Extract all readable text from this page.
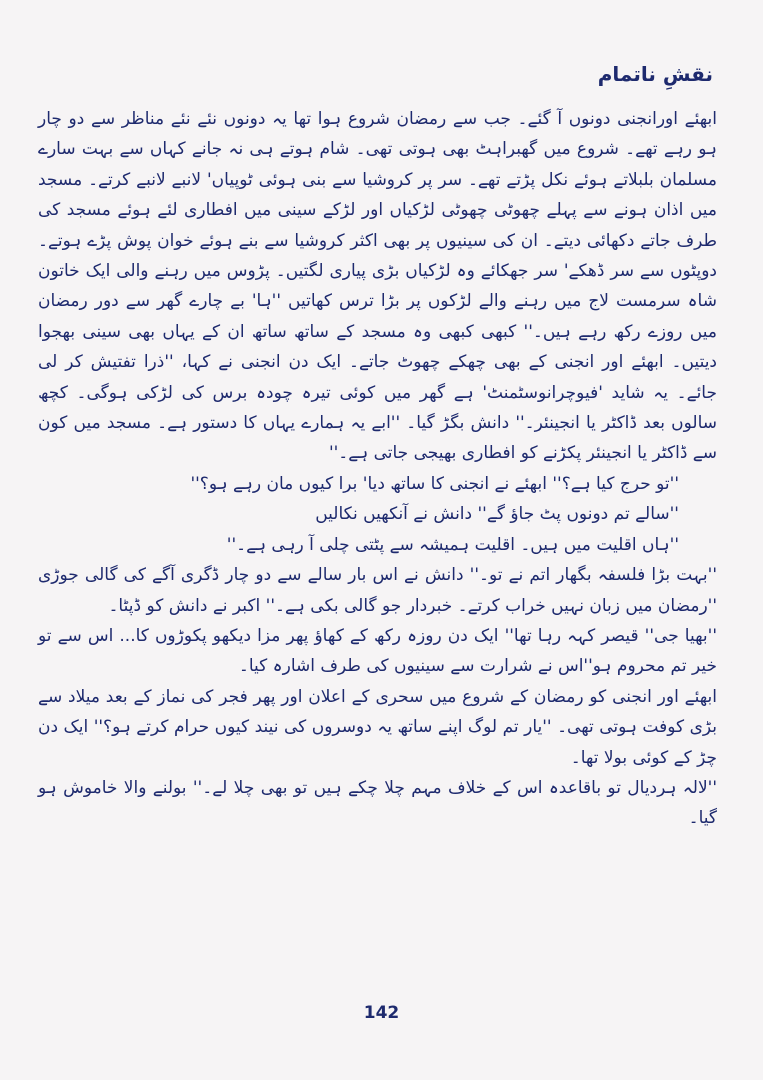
نقشِ ناتمام

ابھئے اورانجنی دونوں آ گئے۔ جب سے رمضان شروع ہوا تھا یہ دونوں نئے نئے مناظر سے دو چار ہو رہے تھے۔ شروع میں گھبراہٹ بھی ہوتی تھی۔ شام ہوتے ہی نہ جانے کہاں سے بہت سارے مسلمان بلبلاتے ہوئے نکل پڑتے تھے۔ سر پر کروشیا سے بنی ہوئی ٹوپیاں' لانبے لانبے کرتے۔ مسجد میں اذان ہونے سے پہلے چھوٹی چھوٹی لڑکیاں اور لڑکے سینی میں افطاری لئے ہوئے مسجد کی طرف جاتے دکھائی دیتے۔ ان کی سینیوں پر بھی اکثر کروشیا سے بنے ہوئے خوان پوش پڑے ہوتے۔ دوپٹوں سے سر ڈھکے' سر جھکائے وہ لڑکیاں بڑی پیاری لگتیں۔ پڑوس میں رہنے والی ایک خاتون شاہ سرمست لاج میں رہنے والے لڑکوں پر بڑا ترس کھاتیں ''ہا' بے چارے گھر سے دور رمضان میں روزے رکھ رہے ہیں۔'' کبھی کبھی وہ مسجد کے ساتھ ساتھ ان کے یہاں بھی سینی بھجوا دیتیں۔ ابھئے اور انجنی کے بھی چھکے چھوٹ جاتے۔ ایک دن انجنی نے کہا، ''ذرا تفتیش کر لی جائے۔ یہ شاید 'فیوچرانوسٹمنٹ' ہے گھر میں کوئی تیرہ چودہ برس کی لڑکی ہوگی۔ کچھ سالوں بعد ڈاکٹر یا انجینئر۔'' دانش بگڑ گیا۔ ''ابے یہ ہمارے یہاں کا دستور ہے۔ مسجد میں کون سے ڈاکٹر یا انجینئر پکڑنے کو افطاری بھیجی جاتی ہے۔''

''تو حرج کیا ہے؟'' ابھئے نے انجنی کا ساتھ دیا' برا کیوں مان رہے ہو؟''

''سالے تم دونوں پٹ جاؤ گے'' دانش نے آنکھیں نکالیں

''ہاں اقلیت میں ہیں۔ اقلیت ہمیشہ سے پٹتی چلی آ رہی ہے۔''

''بہت بڑا فلسفہ بگھار اتم نے تو۔'' دانش نے اس بار سالے سے دو چار ڈگری آگے کی گالی جوڑی ''رمضان میں زبان نہیں خراب کرتے۔ خبردار جو گالی بکی ہے۔'' اکبر نے دانش کو ڈپٹا۔

''بھیا جی'' قیصر کہہ رہا تھا'' ایک دن روزہ رکھ کے کھاؤ پھر مزا دیکھو پکوڑوں کا... اس سے تو خیر تم محروم ہو''اس نے شرارت سے سینیوں کی طرف اشارہ کیا۔

ابھئے اور انجنی کو رمضان کے شروع میں سحری کے اعلان اور پھر فجر کی نماز کے بعد میلاد سے بڑی کوفت ہوتی تھی۔ ''یار تم لوگ اپنے ساتھ یہ دوسروں کی نیند کیوں حرام کرتے ہو؟'' ایک دن چڑ کے کوئی بولا تھا۔

''لالہ ہردیال تو باقاعدہ اس کے خلاف مہم چلا چکے ہیں تو بھی چلا لے۔'' بولنے والا خاموش ہو گیا۔

142
